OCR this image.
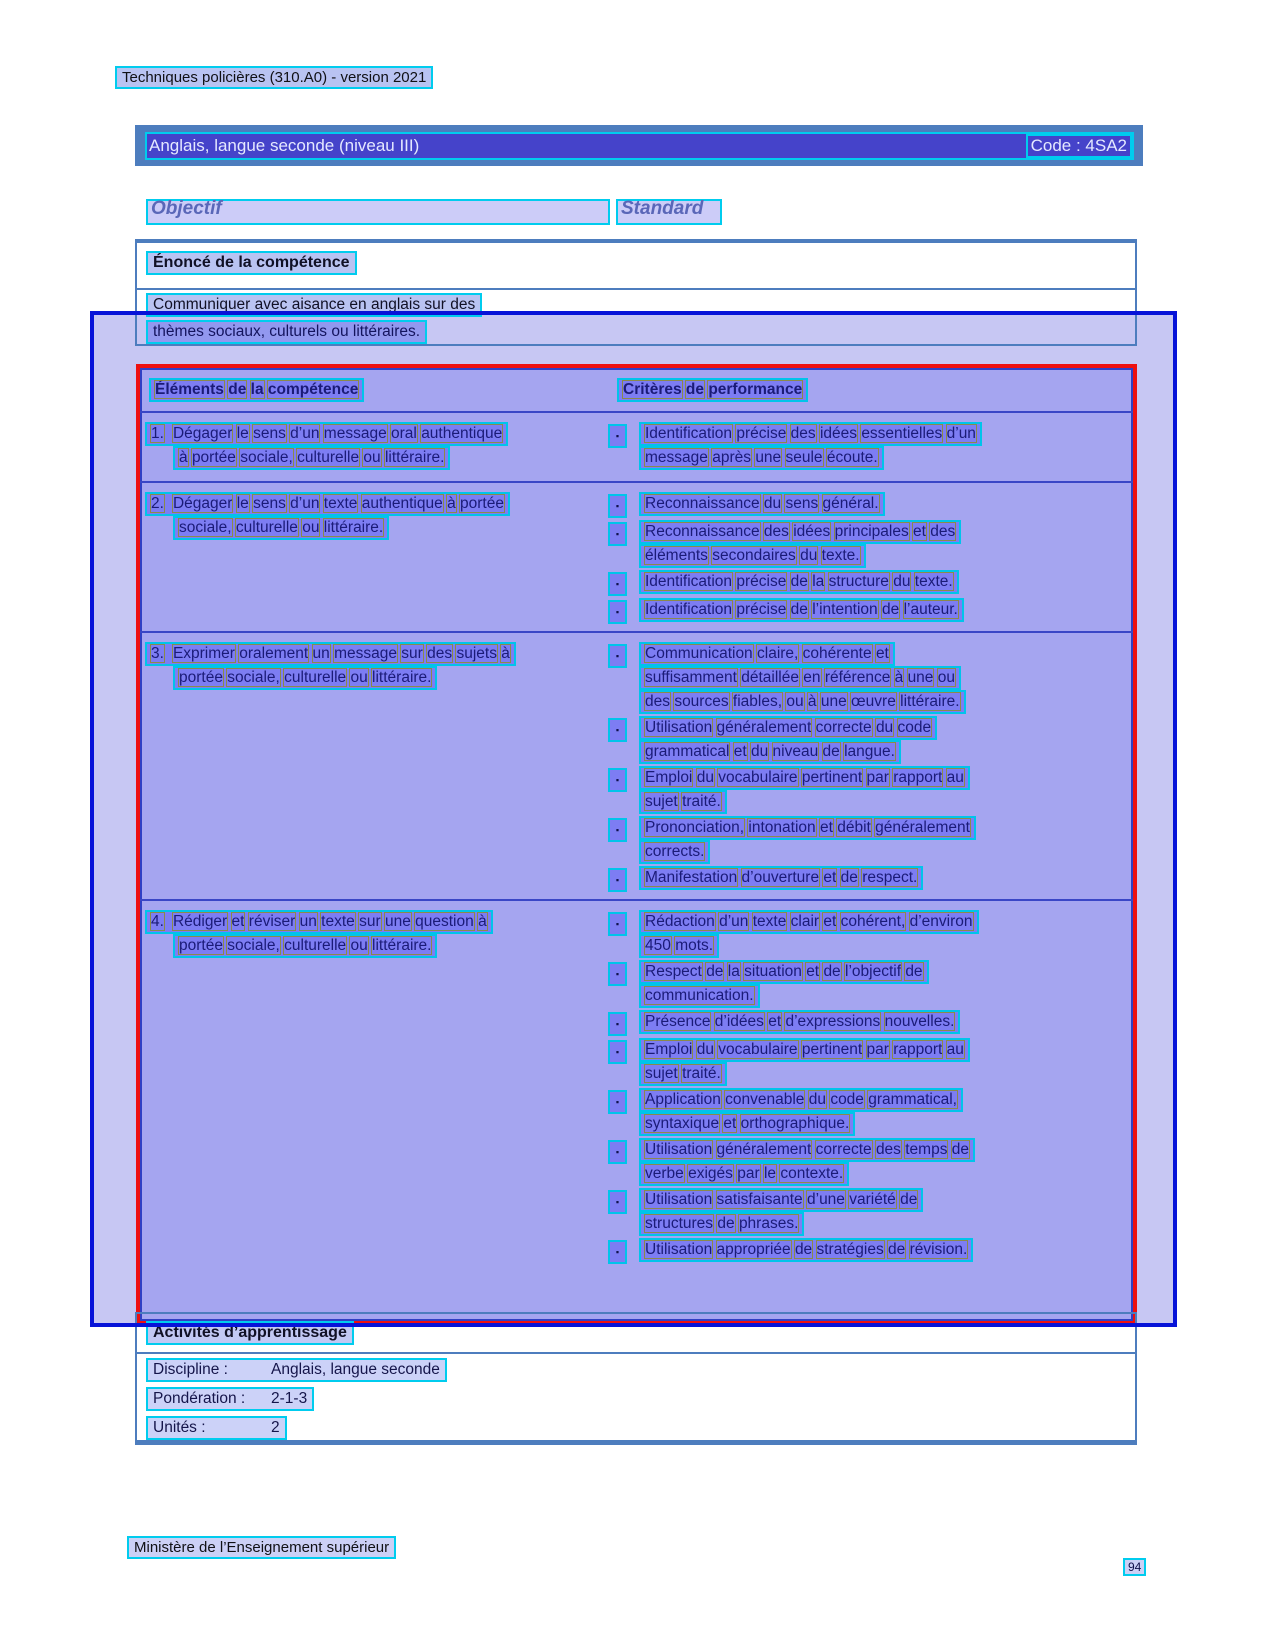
Techniques policières (310.A0) - version 2021
Anglais, langue seconde (niveau III)	Code : 4SA2
Objectif	Standard
Énoncé de la compétence
Communiquer avec aisance en anglais sur des
thèmes sociaux, culturels ou littéraires.
Éléments de la compétence	Critères de performance
1. Dégager le sens d’un message oral authentique
à portée sociale, culturelle ou littéraire.
▪	Identification précise des idées essentielles d’un
message après une seule écoute.
2. Dégager le sens d’un texte authentique à portée
sociale, culturelle ou littéraire.
▪	Reconnaissance du sens général.
▪	Reconnaissance des idées principales et des
éléments secondaires du texte.
▪	Identification précise de la structure du texte.
▪	Identification précise de l’intention de l’auteur.
3. Exprimer oralement un message sur des sujets à
portée sociale, culturelle ou littéraire.
▪	Communication claire, cohérente et
suffisamment détaillée en référence à une ou
des sources fiables, ou à une œuvre littéraire.
▪	Utilisation généralement correcte du code
grammatical et du niveau de langue.
▪	Emploi du vocabulaire pertinent par rapport au
sujet traité.
▪	Prononciation, intonation et débit généralement
corrects.
▪	Manifestation d’ouverture et de respect.
4. Rédiger et réviser un texte sur une question à
portée sociale, culturelle ou littéraire.
▪	Rédaction d’un texte clair et cohérent, d’environ
450 mots.
▪	Respect de la situation et de l’objectif de
communication.
▪	Présence d’idées et d’expressions nouvelles.
▪	Emploi du vocabulaire pertinent par rapport au
sujet traité.
▪	Application convenable du code grammatical,
syntaxique et orthographique.
▪	Utilisation généralement correcte des temps de
verbe exigés par le contexte.
▪	Utilisation satisfaisante d’une variété de
structures de phrases.
▪	Utilisation appropriée de stratégies de révision.
Activités d’apprentissage
Discipline :	Anglais, langue seconde
Pondération : 2-1-3
Unités :	2
Ministère de l’Enseignement supérieur
94
